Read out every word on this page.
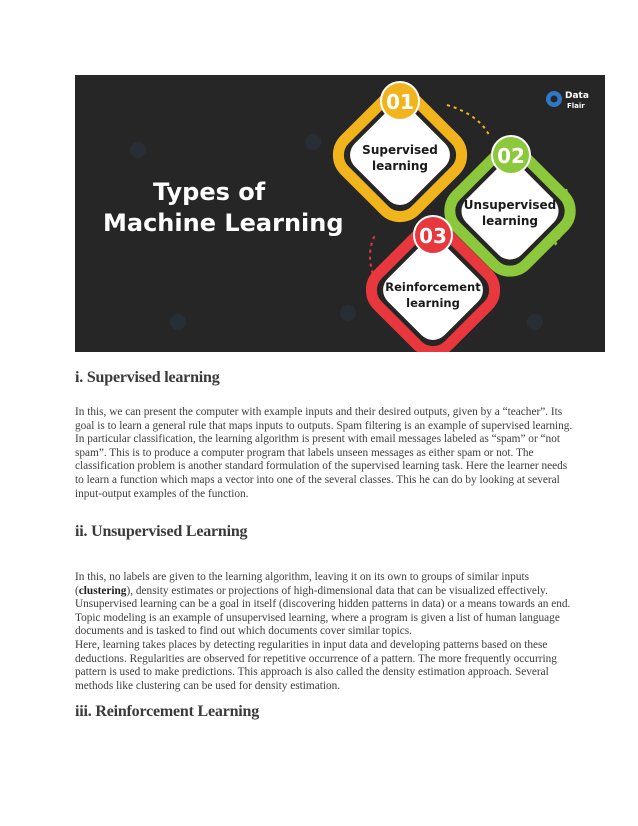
Types of
Machine Learning
Data
Flair
Unsupervised
learning
02
Supervised
learning
01
Reinforcement
learning
03
i. Supervised learning

In this, we can present the computer with example inputs and their desired outputs, given by a “teacher”. Its goal is to learn a general rule that maps inputs to outputs. Spam filtering is an example of supervised learning. In particular classification, the learning algorithm is present with email messages labeled as “spam” or “not spam”. This is to produce a computer program that labels unseen messages as either spam or not. The classification problem is another standard formulation of the supervised learning task. Here the learner needs to learn a function which maps a vector into one of the several classes. This he can do by looking at several input-output examples of the function.

ii. Unsupervised Learning

In this, no labels are given to the learning algorithm, leaving it on its own to groups of similar inputs (clustering), density estimates or projections of high-dimensional data that can be visualized effectively. Unsupervised learning can be a goal in itself (discovering hidden patterns in data) or a means towards an end. Topic modeling is an example of unsupervised learning, where a program is given a list of human language documents and is tasked to find out which documents cover similar topics.

Here, learning takes places by detecting regularities in input data and developing patterns based on these deductions. Regularities are observed for repetitive occurrence of a pattern. The more frequently occurring pattern is used to make predictions. This approach is also called the density estimation approach. Several methods like clustering can be used for density estimation.

iii. Reinforcement Learning
